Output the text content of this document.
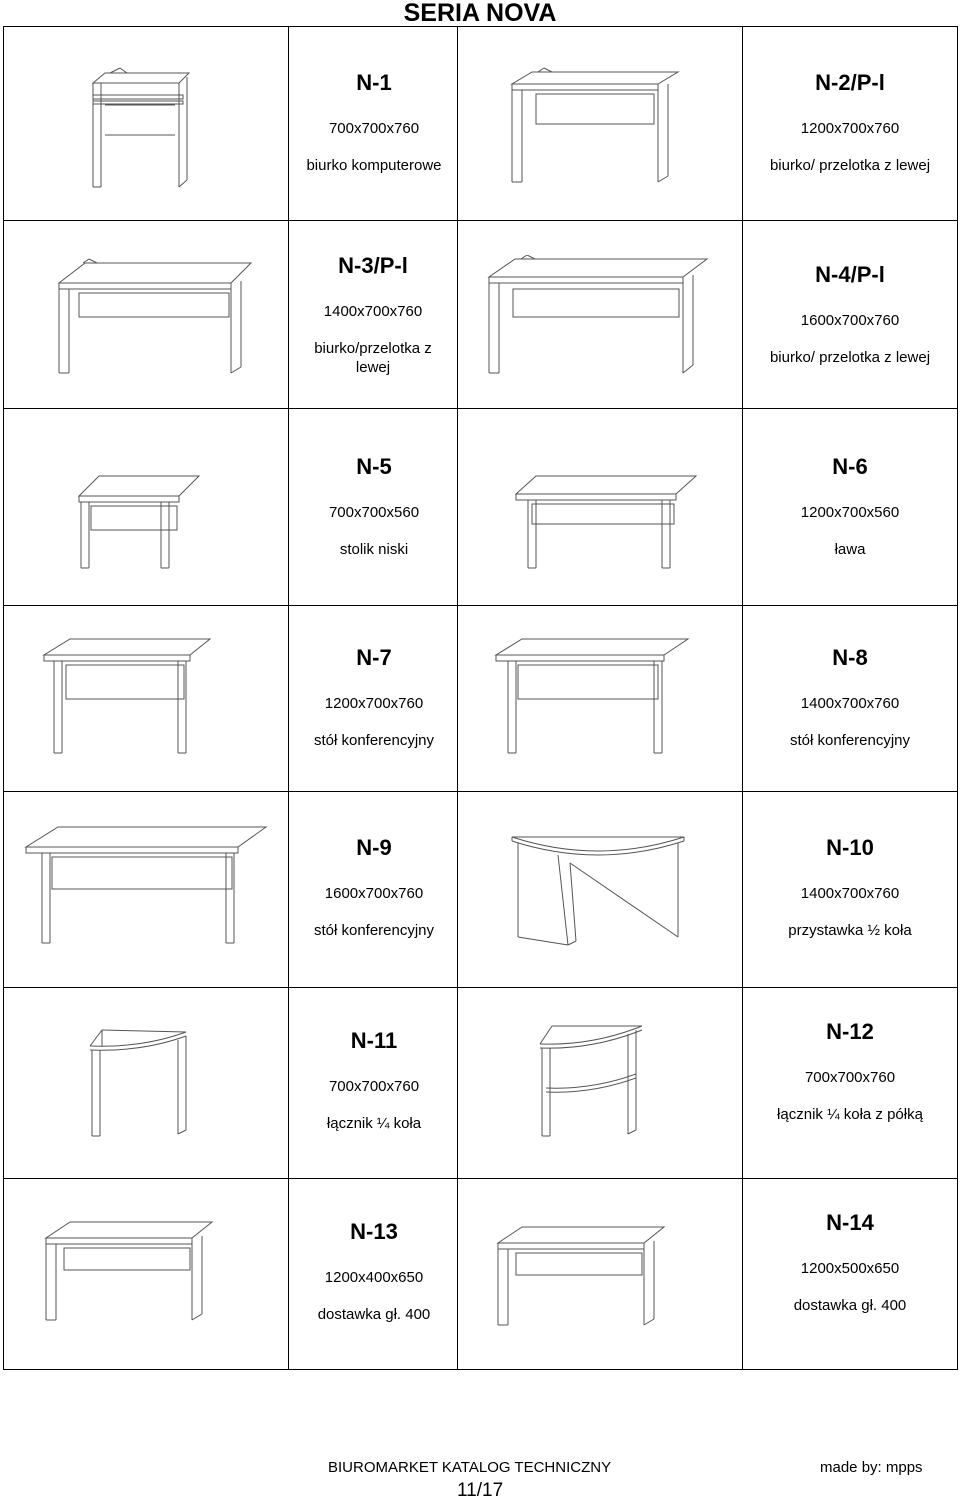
SERIA NOVA
N-1
700x700x760
biurko komputerowe
N-2/P-l
1200x700x760
biurko/ przelotka z lewej
N-3/P-l
1400x700x760
biurko/przelotka z lewej
N-4/P-l
1600x700x760
biurko/ przelotka z lewej
N-5
700x700x560
stolik niski
N-6
1200x700x560
ława
N-7
1200x700x760
stół konferencyjny
N-8
1400x700x760
stół konferencyjny
N-9
1600x700x760
stół konferencyjny
N-10
1400x700x760
przystawka ½ koła
N-11
700x700x760
łącznik ¼ koła
N-12
700x700x760
łącznik ¼ koła z półką
N-13
1200x400x650
dostawka gł. 400
N-14
1200x500x650
dostawka gł. 400
BIUROMARKET KATALOG TECHNICZNY	made by: mpps
11/17
